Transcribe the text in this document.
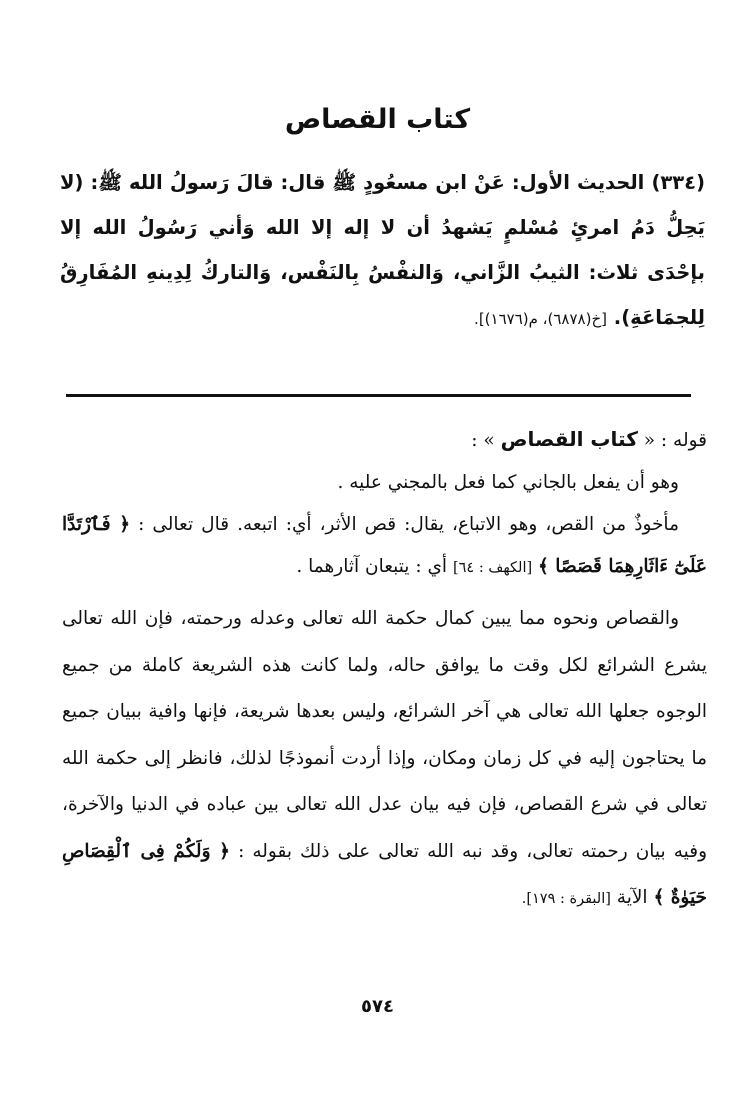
كتاب القصاص
(٣٣٤) الحديث الأول: عَنْ ابن مسعُودٍ ﷺ قال: قالَ رَسولُ الله ﷺ: (لا يَحِلُّ دَمُ امرئٍ مُسْلمٍ يَشهدُ أن لا إله إلا الله وَأني رَسُولُ الله إلا بإحْدَى ثلاث: الثيبُ الزَّاني، وَالنفْسُ بِالنَفْس، وَالتاركُ لِدِينهِ المُفَارِقُ لِلجمَاعَةِ). [خ(٦٨٧٨)، م(١٦٧٦)].

قوله : « كتاب القصاص » :

وهو أن يفعل بالجاني كما فعل بالمجني عليه .

مأخوذٌ من القص، وهو الاتباع، يقال: قص الأثر، أي: اتبعه. قال تعالى : ﴿ فَٱرْتَدَّا عَلَىٰٓ ءَاثَارِهِمَا قَصَصًا ﴾ [الكهف : ٦٤] أي : يتبعان آثارهما .

والقصاص ونحوه مما يبين كمال حكمة الله تعالى وعدله ورحمته، فإن الله تعالى يشرع الشرائع لكل وقت ما يوافق حاله، ولما كانت هذه الشريعة كاملة من جميع الوجوه جعلها الله تعالى هي آخر الشرائع، وليس بعدها شريعة، فإنها وافية ببيان جميع ما يحتاجون إليه في كل زمان ومكان، وإذا أردت أنموذجًا لذلك، فانظر إلى حكمة الله تعالى في شرع القصاص، فإن فيه بيان عدل الله تعالى بين عباده في الدنيا والآخرة، وفيه بيان رحمته تعالى، وقد نبه الله تعالى على ذلك بقوله : ﴿ وَلَكُمْ فِى ٱلْقِصَاصِ حَيَوٰةٌ ﴾ الآية [البقرة : ١٧٩].

٥٧٤
